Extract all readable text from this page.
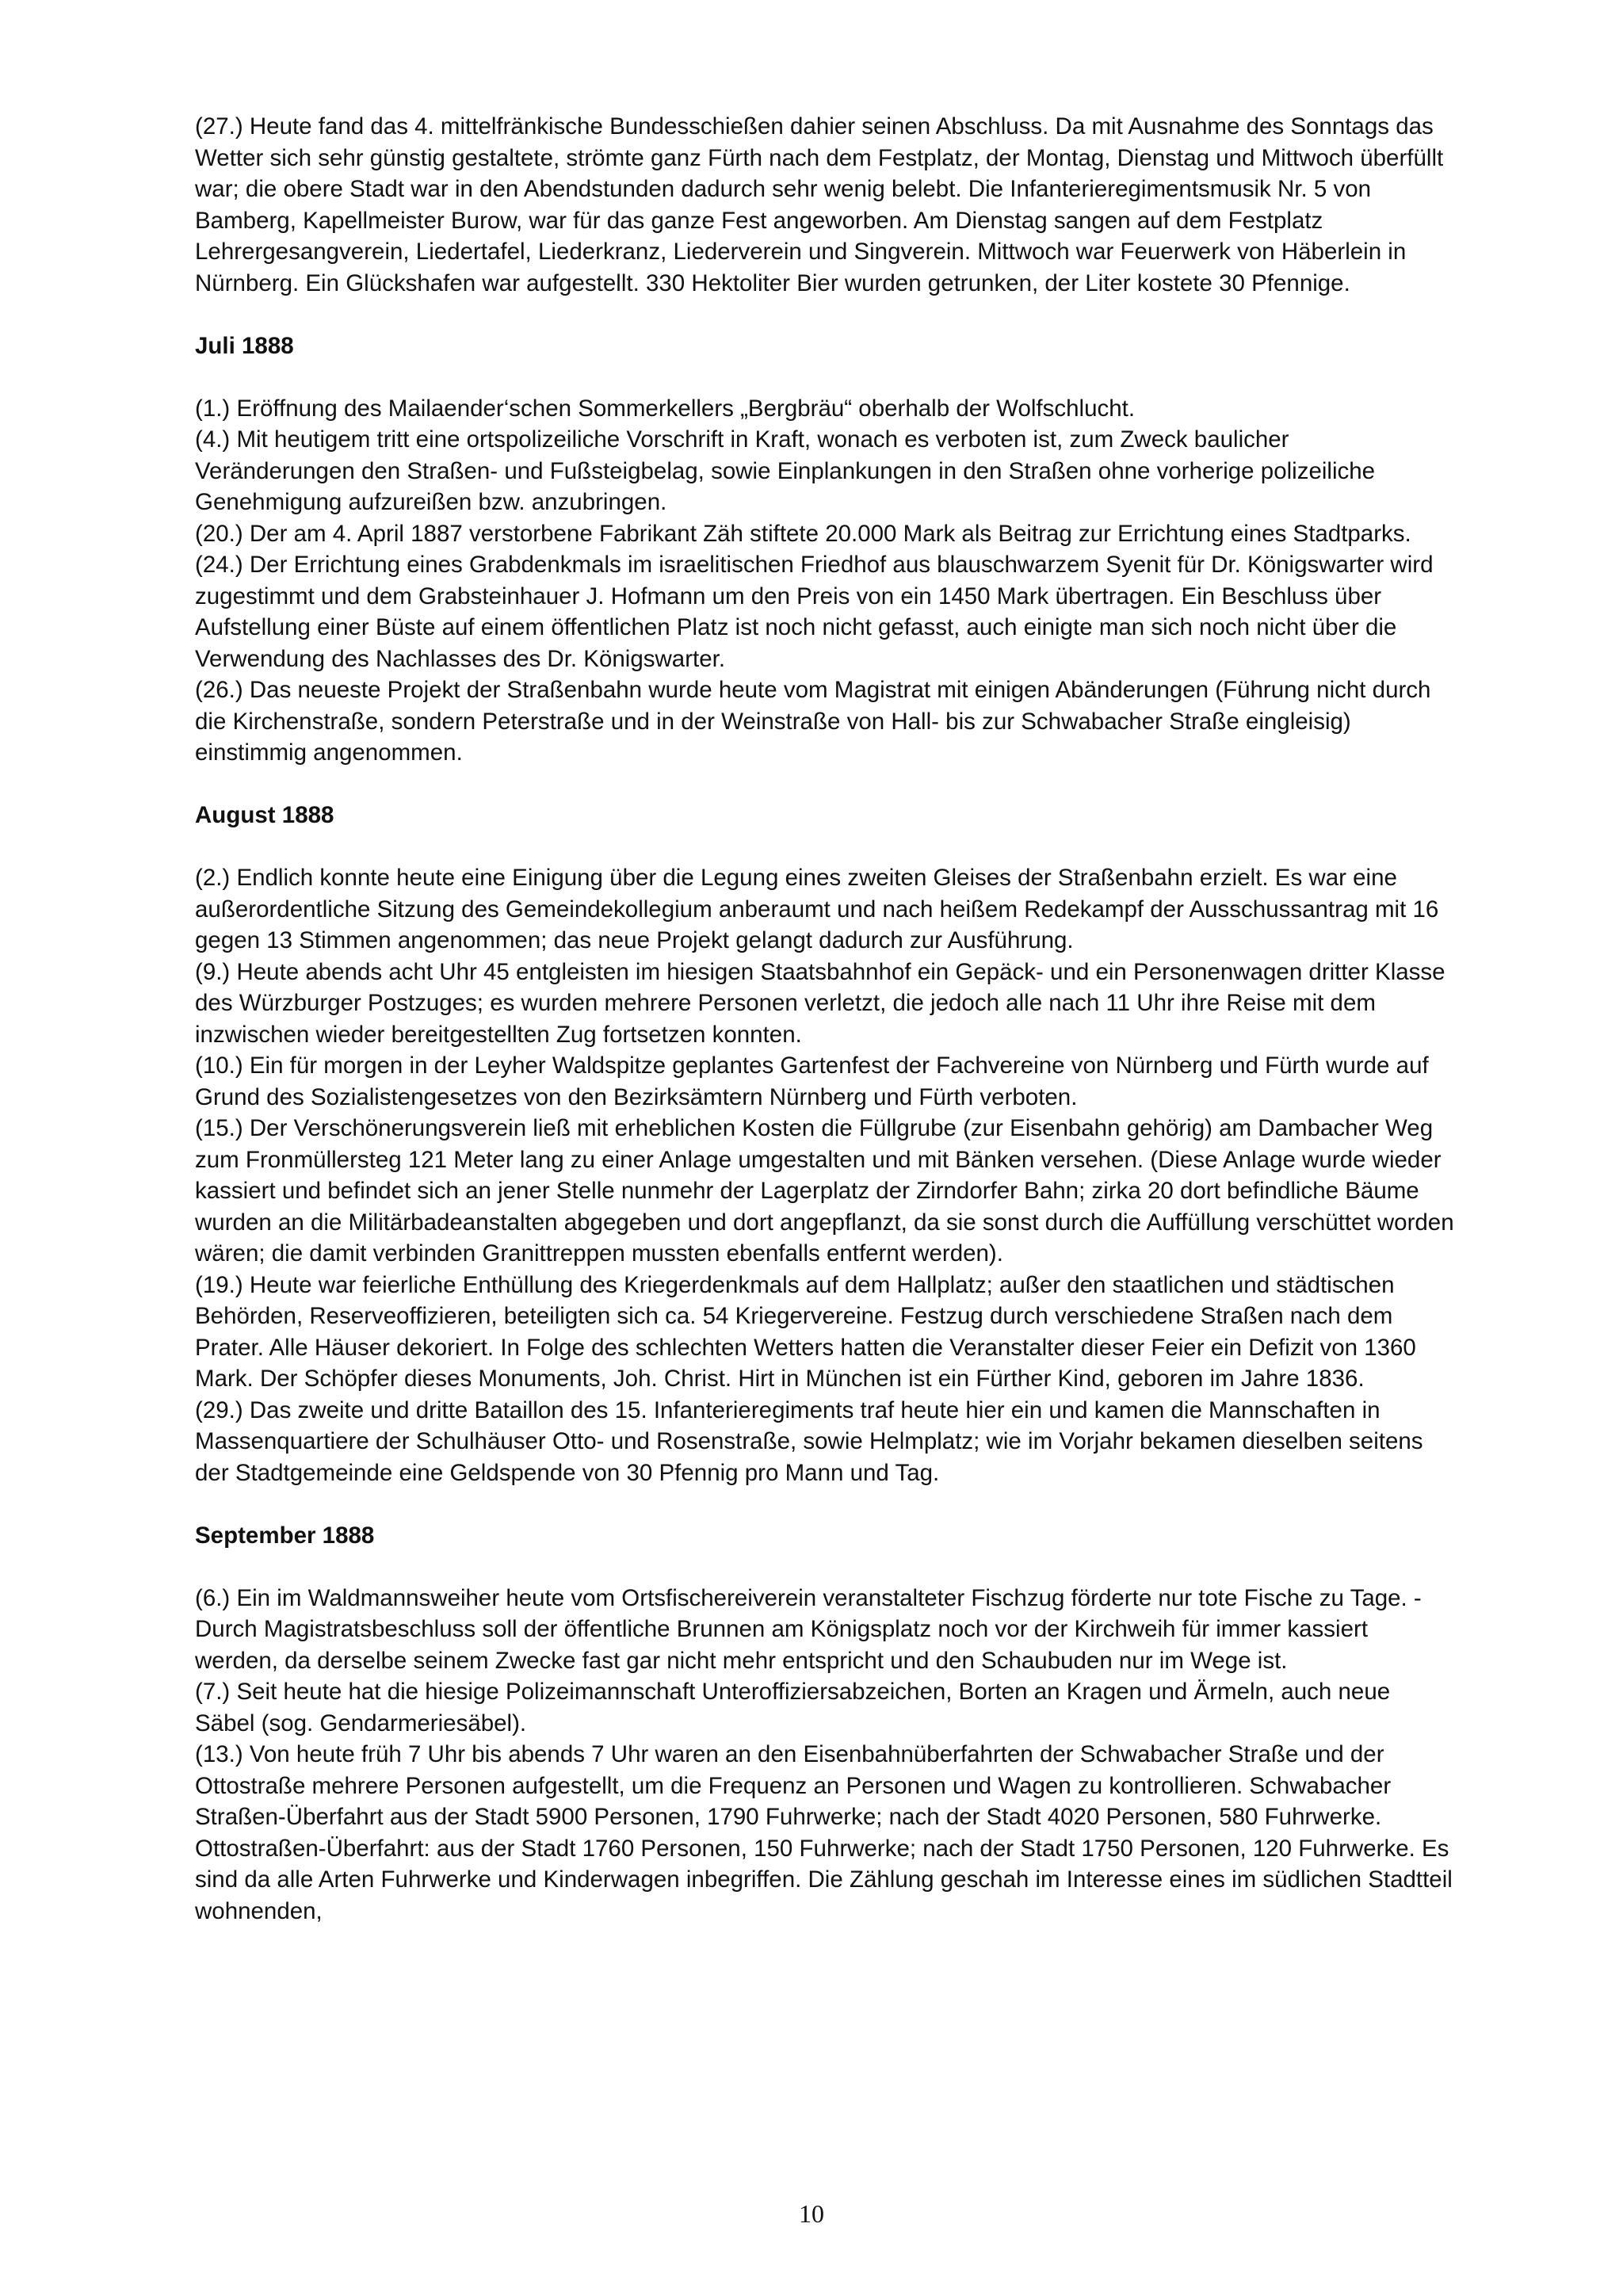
(27.) Heute fand das 4. mittelfränkische Bundesschießen dahier seinen Abschluss. Da mit Ausnahme des Sonntags das Wetter sich sehr günstig gestaltete, strömte ganz Fürth nach dem Festplatz, der Montag, Dienstag und Mittwoch überfüllt war; die obere Stadt war in den Abendstunden dadurch sehr wenig belebt. Die Infanterieregimentsmusik Nr. 5 von Bamberg, Kapellmeister Burow, war für das ganze Fest angeworben. Am Dienstag sangen auf dem Festplatz Lehrergesangverein, Liedertafel, Liederkranz, Liederverein und Singverein. Mittwoch war Feuerwerk von Häberlein in Nürnberg. Ein Glückshafen war aufgestellt. 330 Hektoliter Bier wurden getrunken, der Liter kostete 30 Pfennige.

Juli 1888

(1.) Eröffnung des Mailaender‘schen Sommerkellers „Bergbräu“ oberhalb der Wolfschlucht.

(4.) Mit heutigem tritt eine ortspolizeiliche Vorschrift in Kraft, wonach es verboten ist, zum Zweck baulicher Veränderungen den Straßen- und Fußsteigbelag, sowie Einplankungen in den Straßen ohne vorherige polizeiliche Genehmigung aufzureißen bzw. anzubringen.

(20.) Der am 4. April 1887 verstorbene Fabrikant Zäh stiftete 20.000 Mark als Beitrag zur Errichtung eines Stadtparks.

(24.) Der Errichtung eines Grabdenkmals im israelitischen Friedhof aus blauschwarzem Syenit für Dr. Königswarter wird zugestimmt und dem Grabsteinhauer J. Hofmann um den Preis von ein 1450 Mark übertragen. Ein Beschluss über Aufstellung einer Büste auf einem öffentlichen Platz ist noch nicht gefasst, auch einigte man sich noch nicht über die Verwendung des Nachlasses des Dr. Königswarter.

(26.) Das neueste Projekt der Straßenbahn wurde heute vom Magistrat mit einigen Abänderungen (Führung nicht durch die Kirchenstraße, sondern Peterstraße und in der Weinstraße von Hall- bis zur Schwabacher Straße eingleisig) einstimmig angenommen.

August 1888

(2.) Endlich konnte heute eine Einigung über die Legung eines zweiten Gleises der Straßenbahn erzielt. Es war eine außerordentliche Sitzung des Gemeindekollegium anberaumt und nach heißem Redekampf der Ausschussantrag mit 16 gegen 13 Stimmen angenommen; das neue Projekt gelangt dadurch zur Ausführung.

(9.) Heute abends acht Uhr 45 entgleisten im hiesigen Staatsbahnhof ein Gepäck- und ein Personenwagen dritter Klasse des Würzburger Postzuges; es wurden mehrere Personen verletzt, die jedoch alle nach 11 Uhr ihre Reise mit dem inzwischen wieder bereitgestellten Zug fortsetzen konnten.

(10.) Ein für morgen in der Leyher Waldspitze geplantes Gartenfest der Fachvereine von Nürnberg und Fürth wurde auf Grund des Sozialistengesetzes von den Bezirksämtern Nürnberg und Fürth verboten.

(15.) Der Verschönerungsverein ließ mit erheblichen Kosten die Füllgrube (zur Eisenbahn gehörig) am Dambacher Weg zum Fronmüllersteg 121 Meter lang zu einer Anlage umgestalten und mit Bänken versehen. (Diese Anlage wurde wieder kassiert und befindet sich an jener Stelle nunmehr der Lagerplatz der Zirndorfer Bahn; zirka 20 dort befindliche Bäume wurden an die Militärbadeanstalten abgegeben und dort angepflanzt, da sie sonst durch die Auffüllung verschüttet worden wären; die damit verbinden Granittreppen mussten ebenfalls entfernt werden).

(19.) Heute war feierliche Enthüllung des Kriegerdenkmals auf dem Hallplatz; außer den staatlichen und städtischen Behörden, Reserveoffizieren, beteiligten sich ca. 54 Kriegervereine. Festzug durch verschiedene Straßen nach dem Prater. Alle Häuser dekoriert. In Folge des schlechten Wetters hatten die Veranstalter dieser Feier ein Defizit von 1360 Mark. Der Schöpfer dieses Monuments, Joh. Christ. Hirt in München ist ein Fürther Kind, geboren im Jahre 1836.

(29.) Das zweite und dritte Bataillon des 15. Infanterieregiments traf heute hier ein und kamen die Mannschaften in Massenquartiere der Schulhäuser Otto- und Rosenstraße, sowie Helmplatz; wie im Vorjahr bekamen dieselben seitens der Stadtgemeinde eine Geldspende von 30 Pfennig pro Mann und Tag.

September 1888

(6.) Ein im Waldmannsweiher heute vom Ortsfischereiverein veranstalteter Fischzug förderte nur tote Fische zu Tage. - Durch Magistratsbeschluss soll der öffentliche Brunnen am Königsplatz noch vor der Kirchweih für immer kassiert werden, da derselbe seinem Zwecke fast gar nicht mehr entspricht und den Schaubuden nur im Wege ist.

(7.) Seit heute hat die hiesige Polizeimannschaft Unteroffiziersabzeichen, Borten an Kragen und Ärmeln, auch neue Säbel (sog. Gendarmeriesäbel).

(13.) Von heute früh 7 Uhr bis abends 7 Uhr waren an den Eisenbahnüberfahrten der Schwabacher Straße und der Ottostraße mehrere Personen aufgestellt, um die Frequenz an Personen und Wagen zu kontrollieren. Schwabacher Straßen-Überfahrt aus der Stadt 5900 Personen, 1790 Fuhrwerke; nach der Stadt 4020 Personen, 580 Fuhrwerke. Ottostraßen-Überfahrt: aus der Stadt 1760 Personen, 150 Fuhrwerke; nach der Stadt 1750 Personen, 120 Fuhrwerke. Es sind da alle Arten Fuhrwerke und Kinderwagen inbegriffen. Die Zählung geschah im Interesse eines im südlichen Stadtteil wohnenden,

10
